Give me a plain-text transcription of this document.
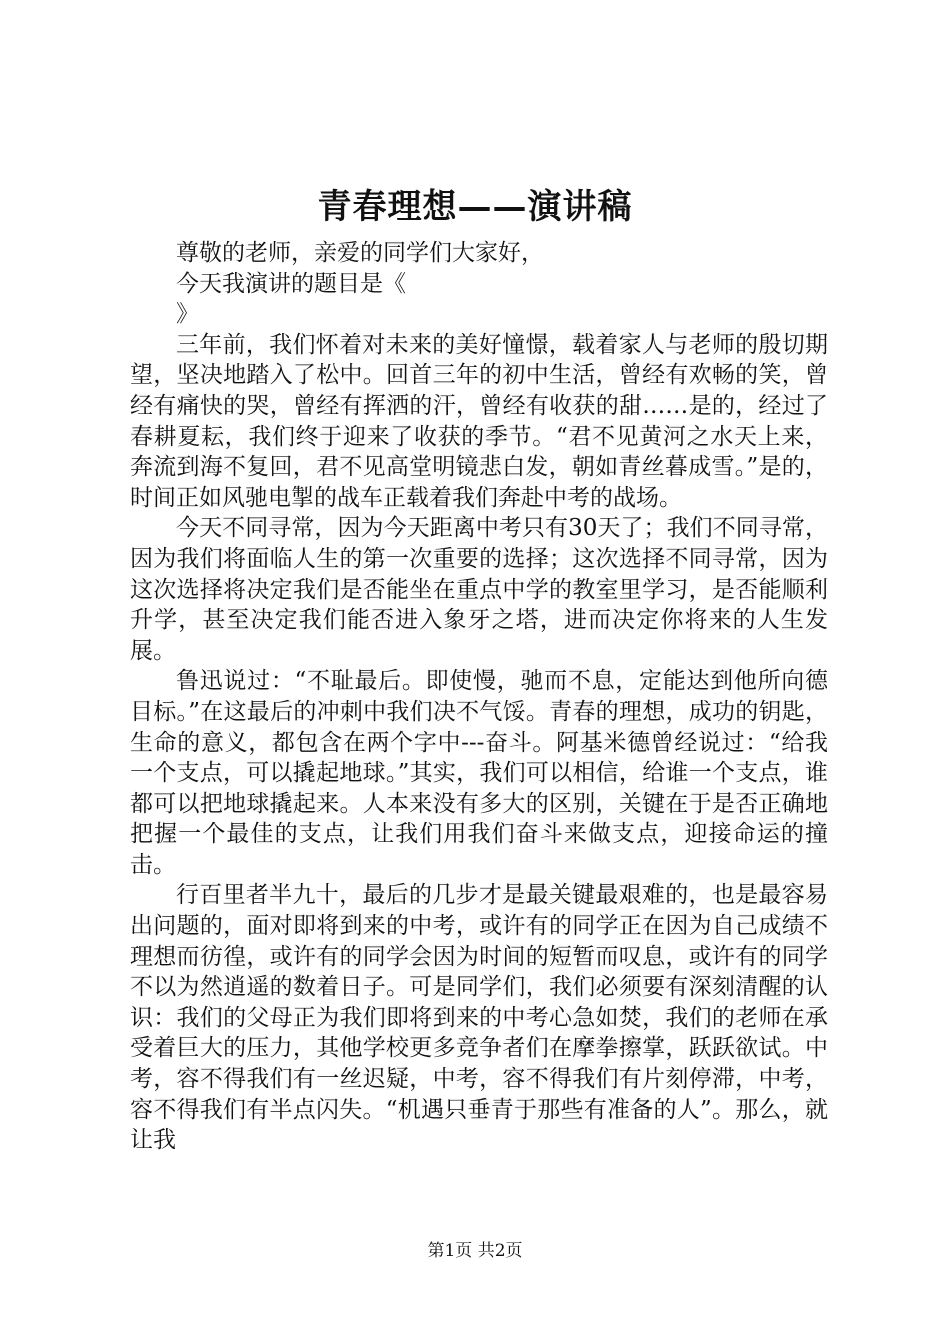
青春理想——演讲稿

尊敬的老师，亲爱的同学们大家好，

今天我演讲的题目是《

》

三年前，我们怀着对未来的美好憧憬，载着家人与老师的殷切期望，坚决地踏入了松中。回首三年的初中生活，曾经有欢畅的笑，曾经有痛快的哭，曾经有挥洒的汗，曾经有收获的甜……是的，经过了春耕夏耘，我们终于迎来了收获的季节。“君不见黄河之水天上来，奔流到海不复回，君不见高堂明镜悲白发，朝如青丝暮成雪。”是的，时间正如风驰电掣的战车正载着我们奔赴中考的战场。

今天不同寻常，因为今天距离中考只有30天了；我们不同寻常，因为我们将面临人生的第一次重要的选择；这次选择不同寻常，因为这次选择将决定我们是否能坐在重点中学的教室里学习，是否能顺利升学，甚至决定我们能否进入象牙之塔，进而决定你将来的人生发展。

鲁迅说过：“不耻最后。即使慢，驰而不息，定能达到他所向德目标。”在这最后的冲刺中我们决不气馁。青春的理想，成功的钥匙，生命的意义，都包含在两个字中---奋斗。阿基米德曾经说过：“给我一个支点，可以撬起地球。”其实，我们可以相信，给谁一个支点，谁都可以把地球撬起来。人本来没有多大的区别，关键在于是否正确地把握一个最佳的支点，让我们用我们奋斗来做支点，迎接命运的撞击。

行百里者半九十，最后的几步才是最关键最艰难的，也是最容易出问题的，面对即将到来的中考，或许有的同学正在因为自己成绩不理想而彷徨，或许有的同学会因为时间的短暂而叹息，或许有的同学不以为然逍遥的数着日子。可是同学们，我们必须要有深刻清醒的认识：我们的父母正为我们即将到来的中考心急如焚，我们的老师在承受着巨大的压力，其他学校更多竞争者们在摩拳擦掌，跃跃欲试。中考，容不得我们有一丝迟疑，中考，容不得我们有片刻停滞，中考，容不得我们有半点闪失。“机遇只垂青于那些有准备的人”。那么，就让我

第1页 共2页
